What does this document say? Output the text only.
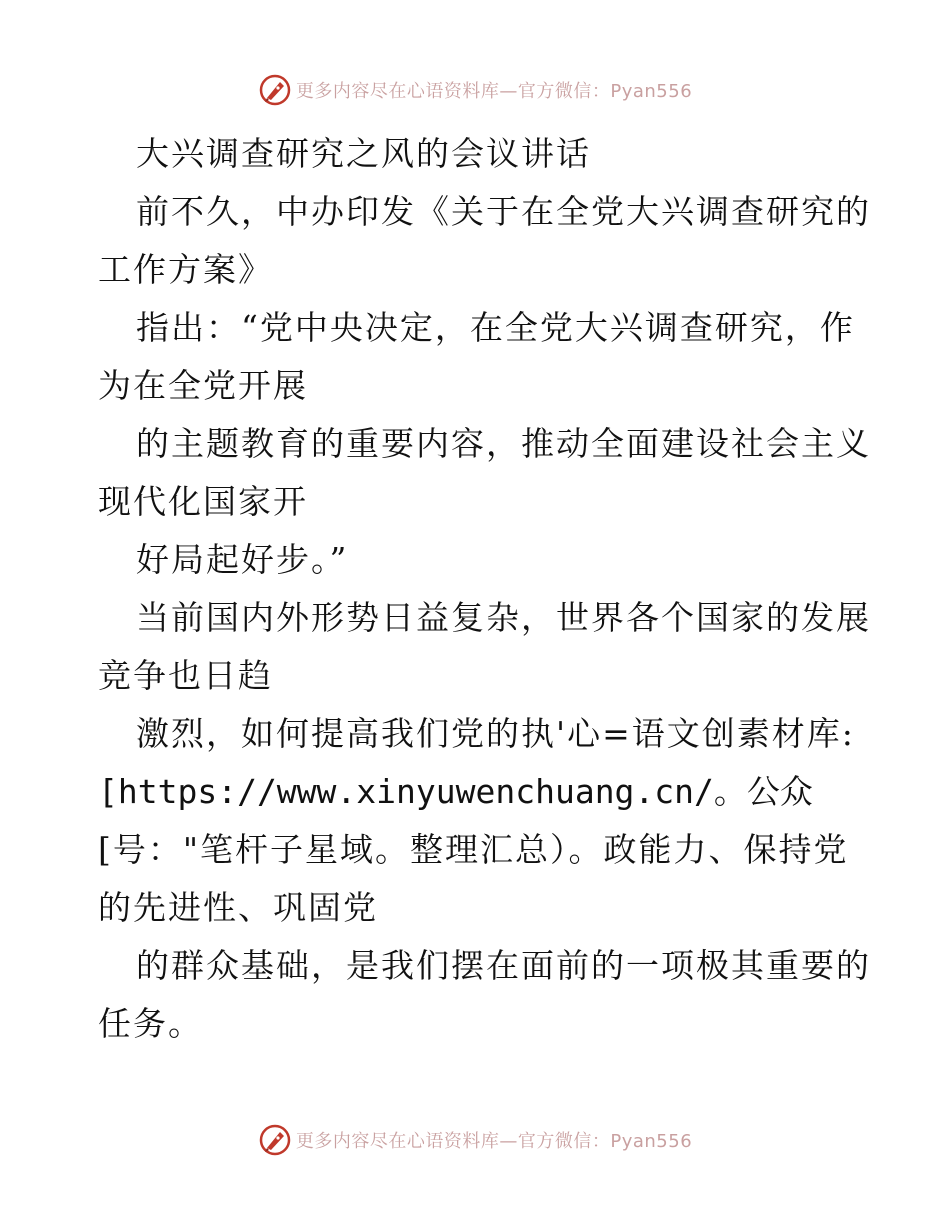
更多内容尽在心语资料库—官方微信：Pyan556
大兴调查研究之风的会议讲话
前不久，中办印发《关于在全党大兴调查研究的
工作方案》
指出：“党中央决定，在全党大兴调查研究，作
为在全党开展
的主题教育的重要内容，推动全面建设社会主义
现代化国家开
好局起好步。”
当前国内外形势日益复杂，世界各个国家的发展
竞争也日趋
激烈，如何提高我们党的执'心=语文创素材库:
[https://www.xinyuwenchuang.cn/。公众
[号："笔杆子星域。整理汇总）。政能力、保持党
的先进性、巩固党
的群众基础，是我们摆在面前的一项极其重要的
任务。
更多内容尽在心语资料库—官方微信：Pyan556
